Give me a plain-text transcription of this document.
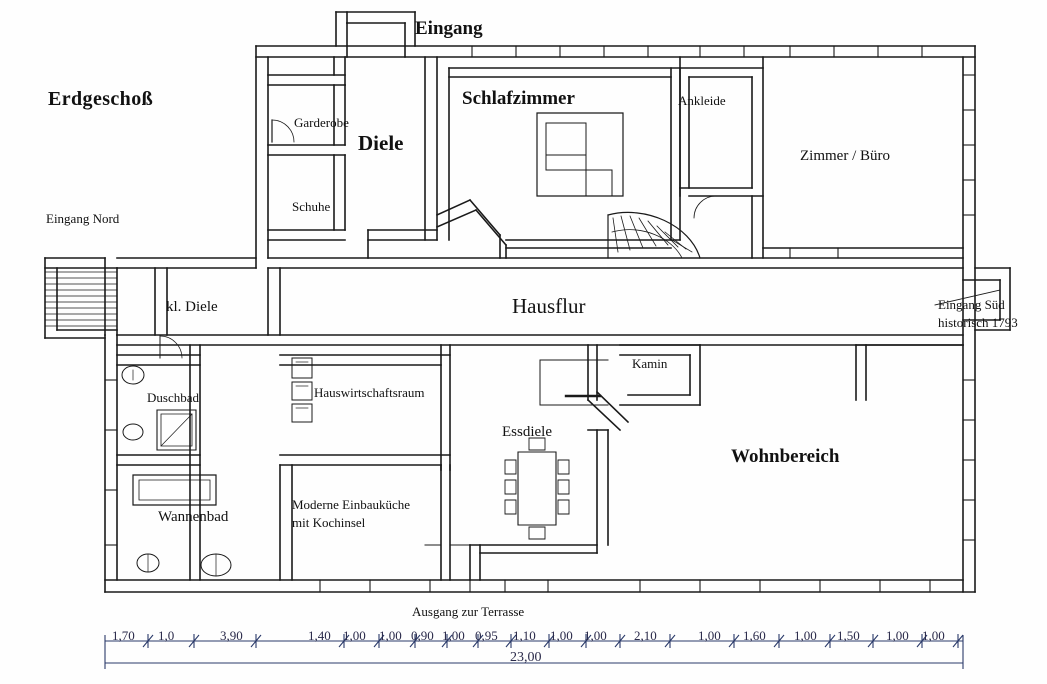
Erdgeschoß
Eingang
Garderobe
Diele
Schuhe
Schlafzimmer	Ankleide
Zimmer / Büro
Eingang Nord
kl. Diele	Hausflur	Eingang Süd
historisch 1793
Duschbad	Hauswirtschaftsraum
Kamin
Essdiele
Wohnbereich
Wannenbad
Moderne Einbauküche
mit Kochinsel
Ausgang zur Terrasse
1,70 1,0	3,90	1,40 1,00 1,00 0,90 1,00 0,95 1,10 1,00 1,00 2,10	1,00 1,60 1,00 1,50 1,00 1,00
23,00
